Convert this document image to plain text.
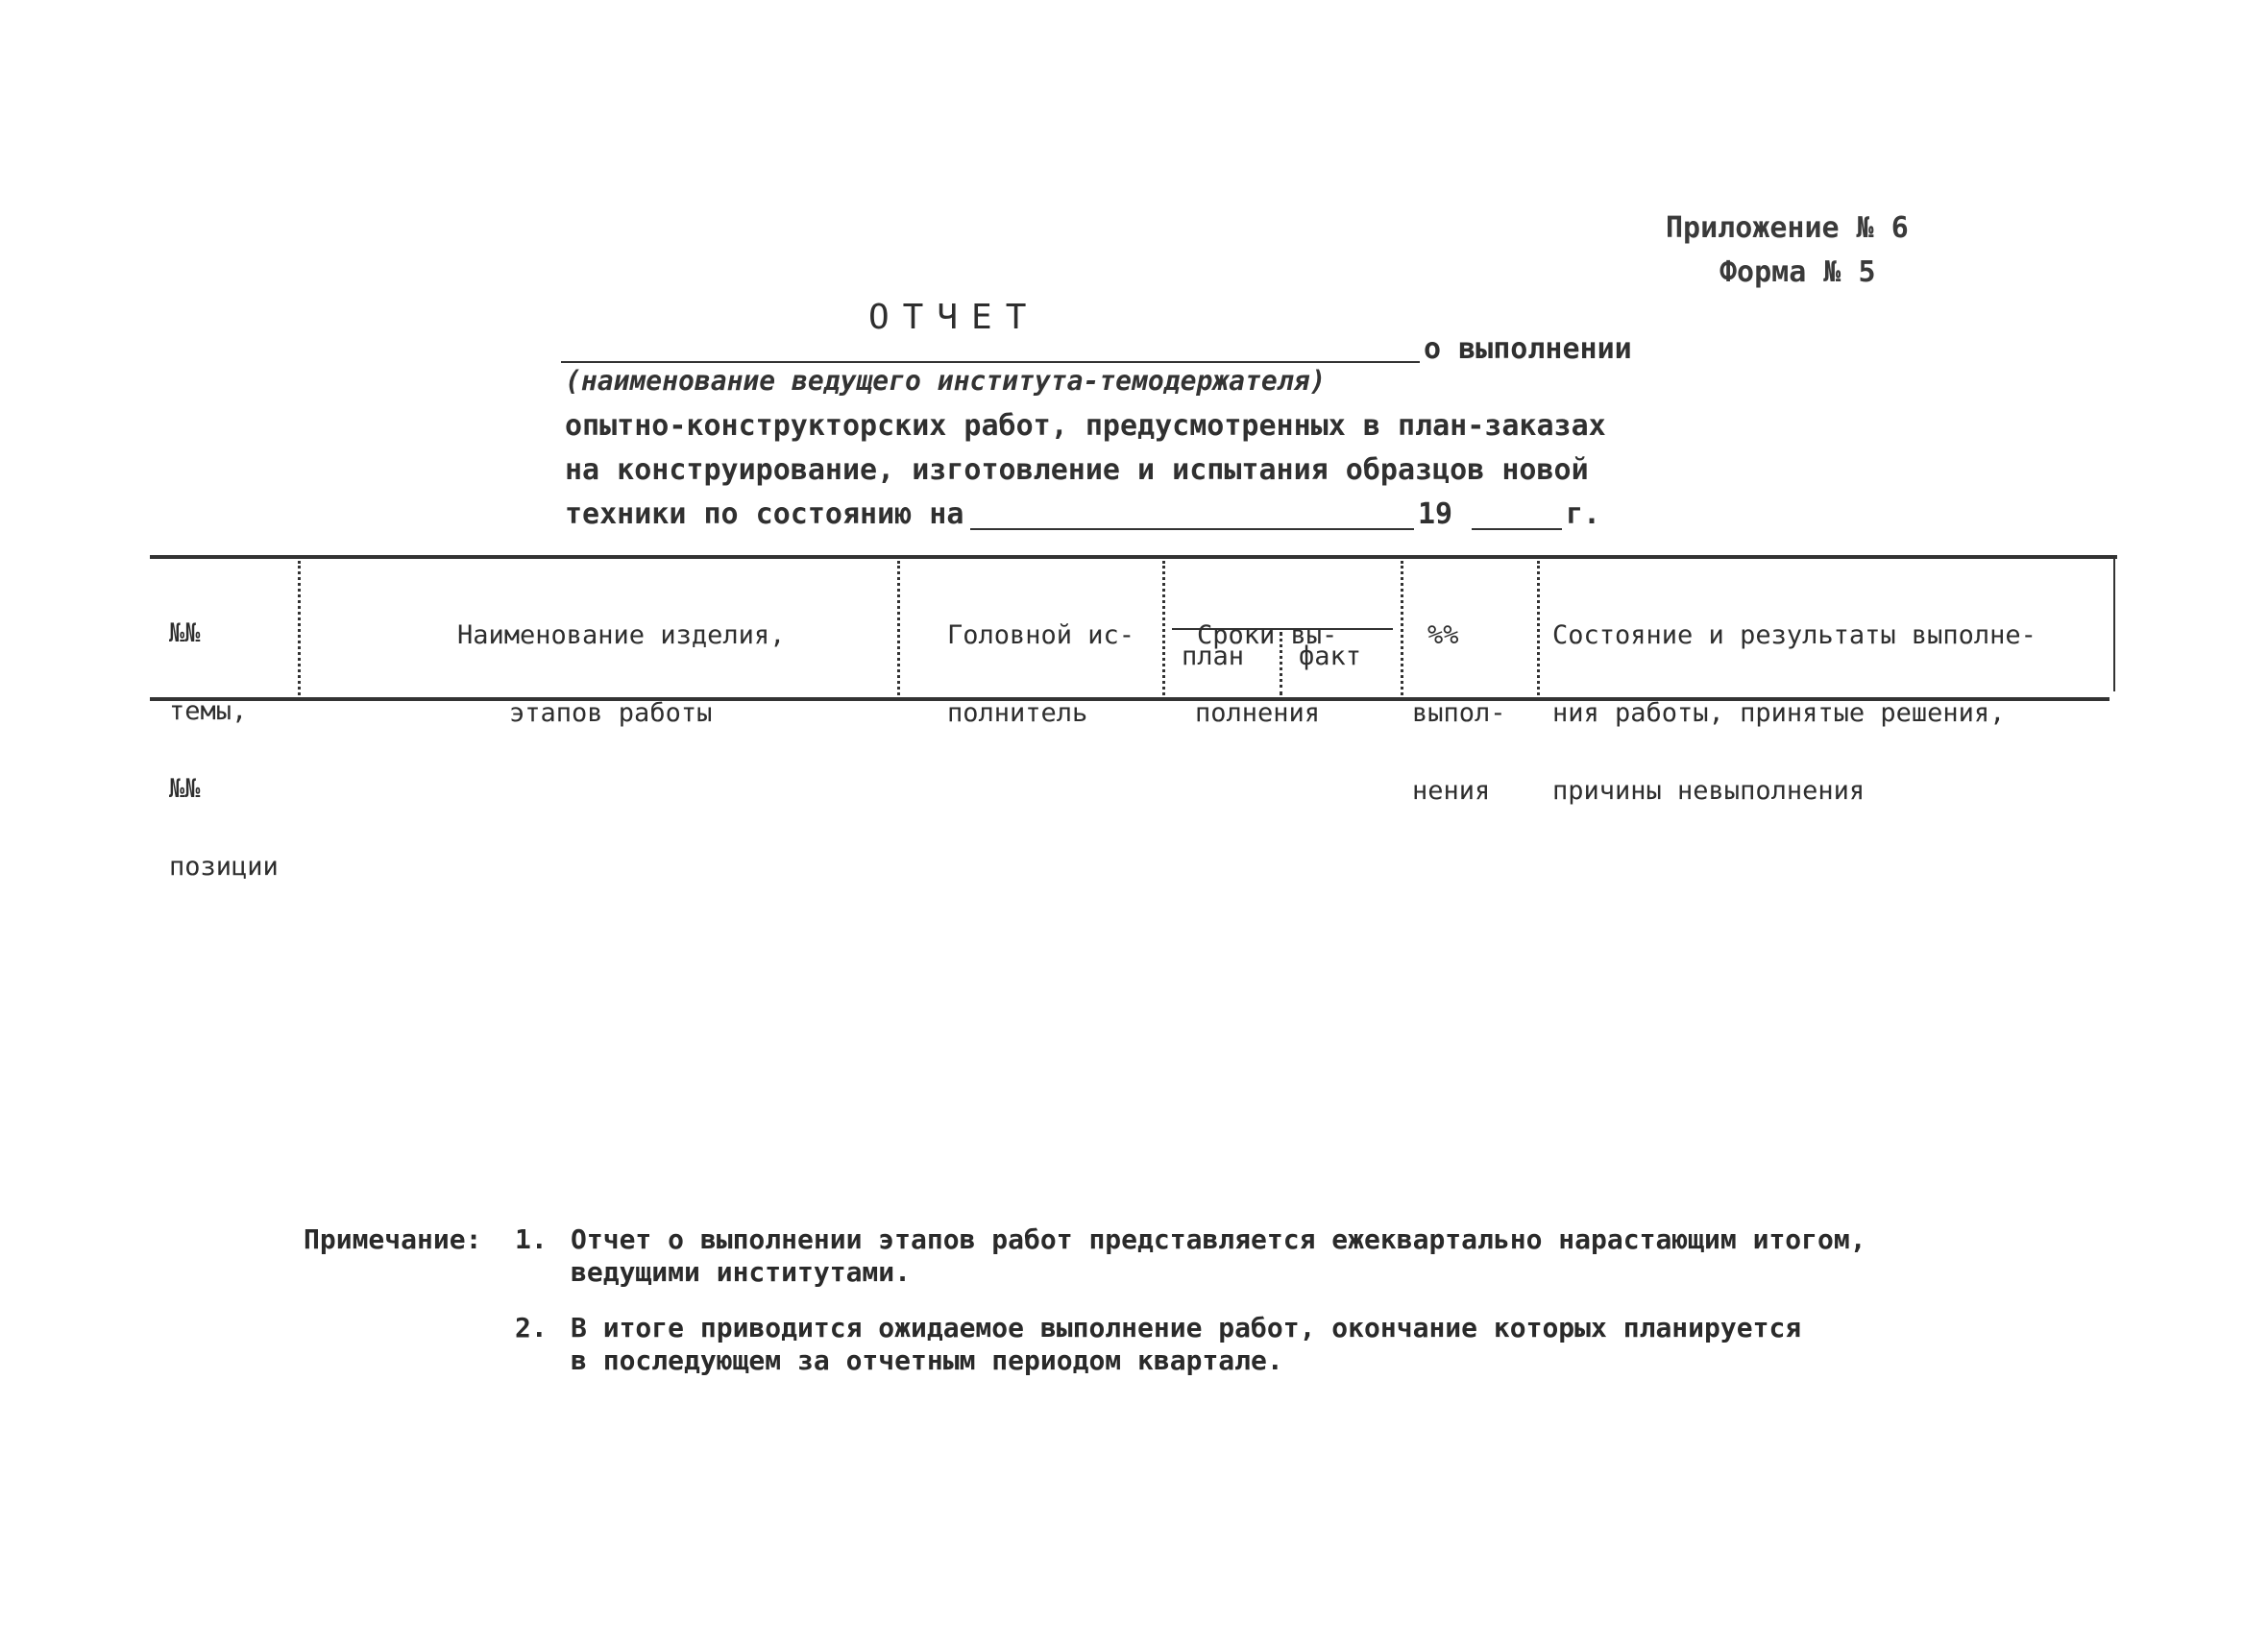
Приложение № 6
Форма № 5
ОТЧЕТ
о выполнении
(наименование ведущего института-темодержателя)
опытно-конструкторских работ, предусмотренных в план-заказах
на конструирование, изготовление и испытания образцов новой
техники по состоянию на	19	г.

№№

темы,

№№

позиции

Наименование изделия,

этапов работы

Головной ис-

полнитель

Сроки вы-

полнения

план факт

%%

выпол-

нения

Состояние и результаты выполне-

ния работы, принятые решения,

причины невыполнения

Примечание: 1. Отчет о выполнении этапов работ представляется ежеквартально нарастающим итогом,
ведущими институтами.
2. В итоге приводится ожидаемое выполнение работ, окончание которых планируется
в последующем за отчетным периодом квартале.
